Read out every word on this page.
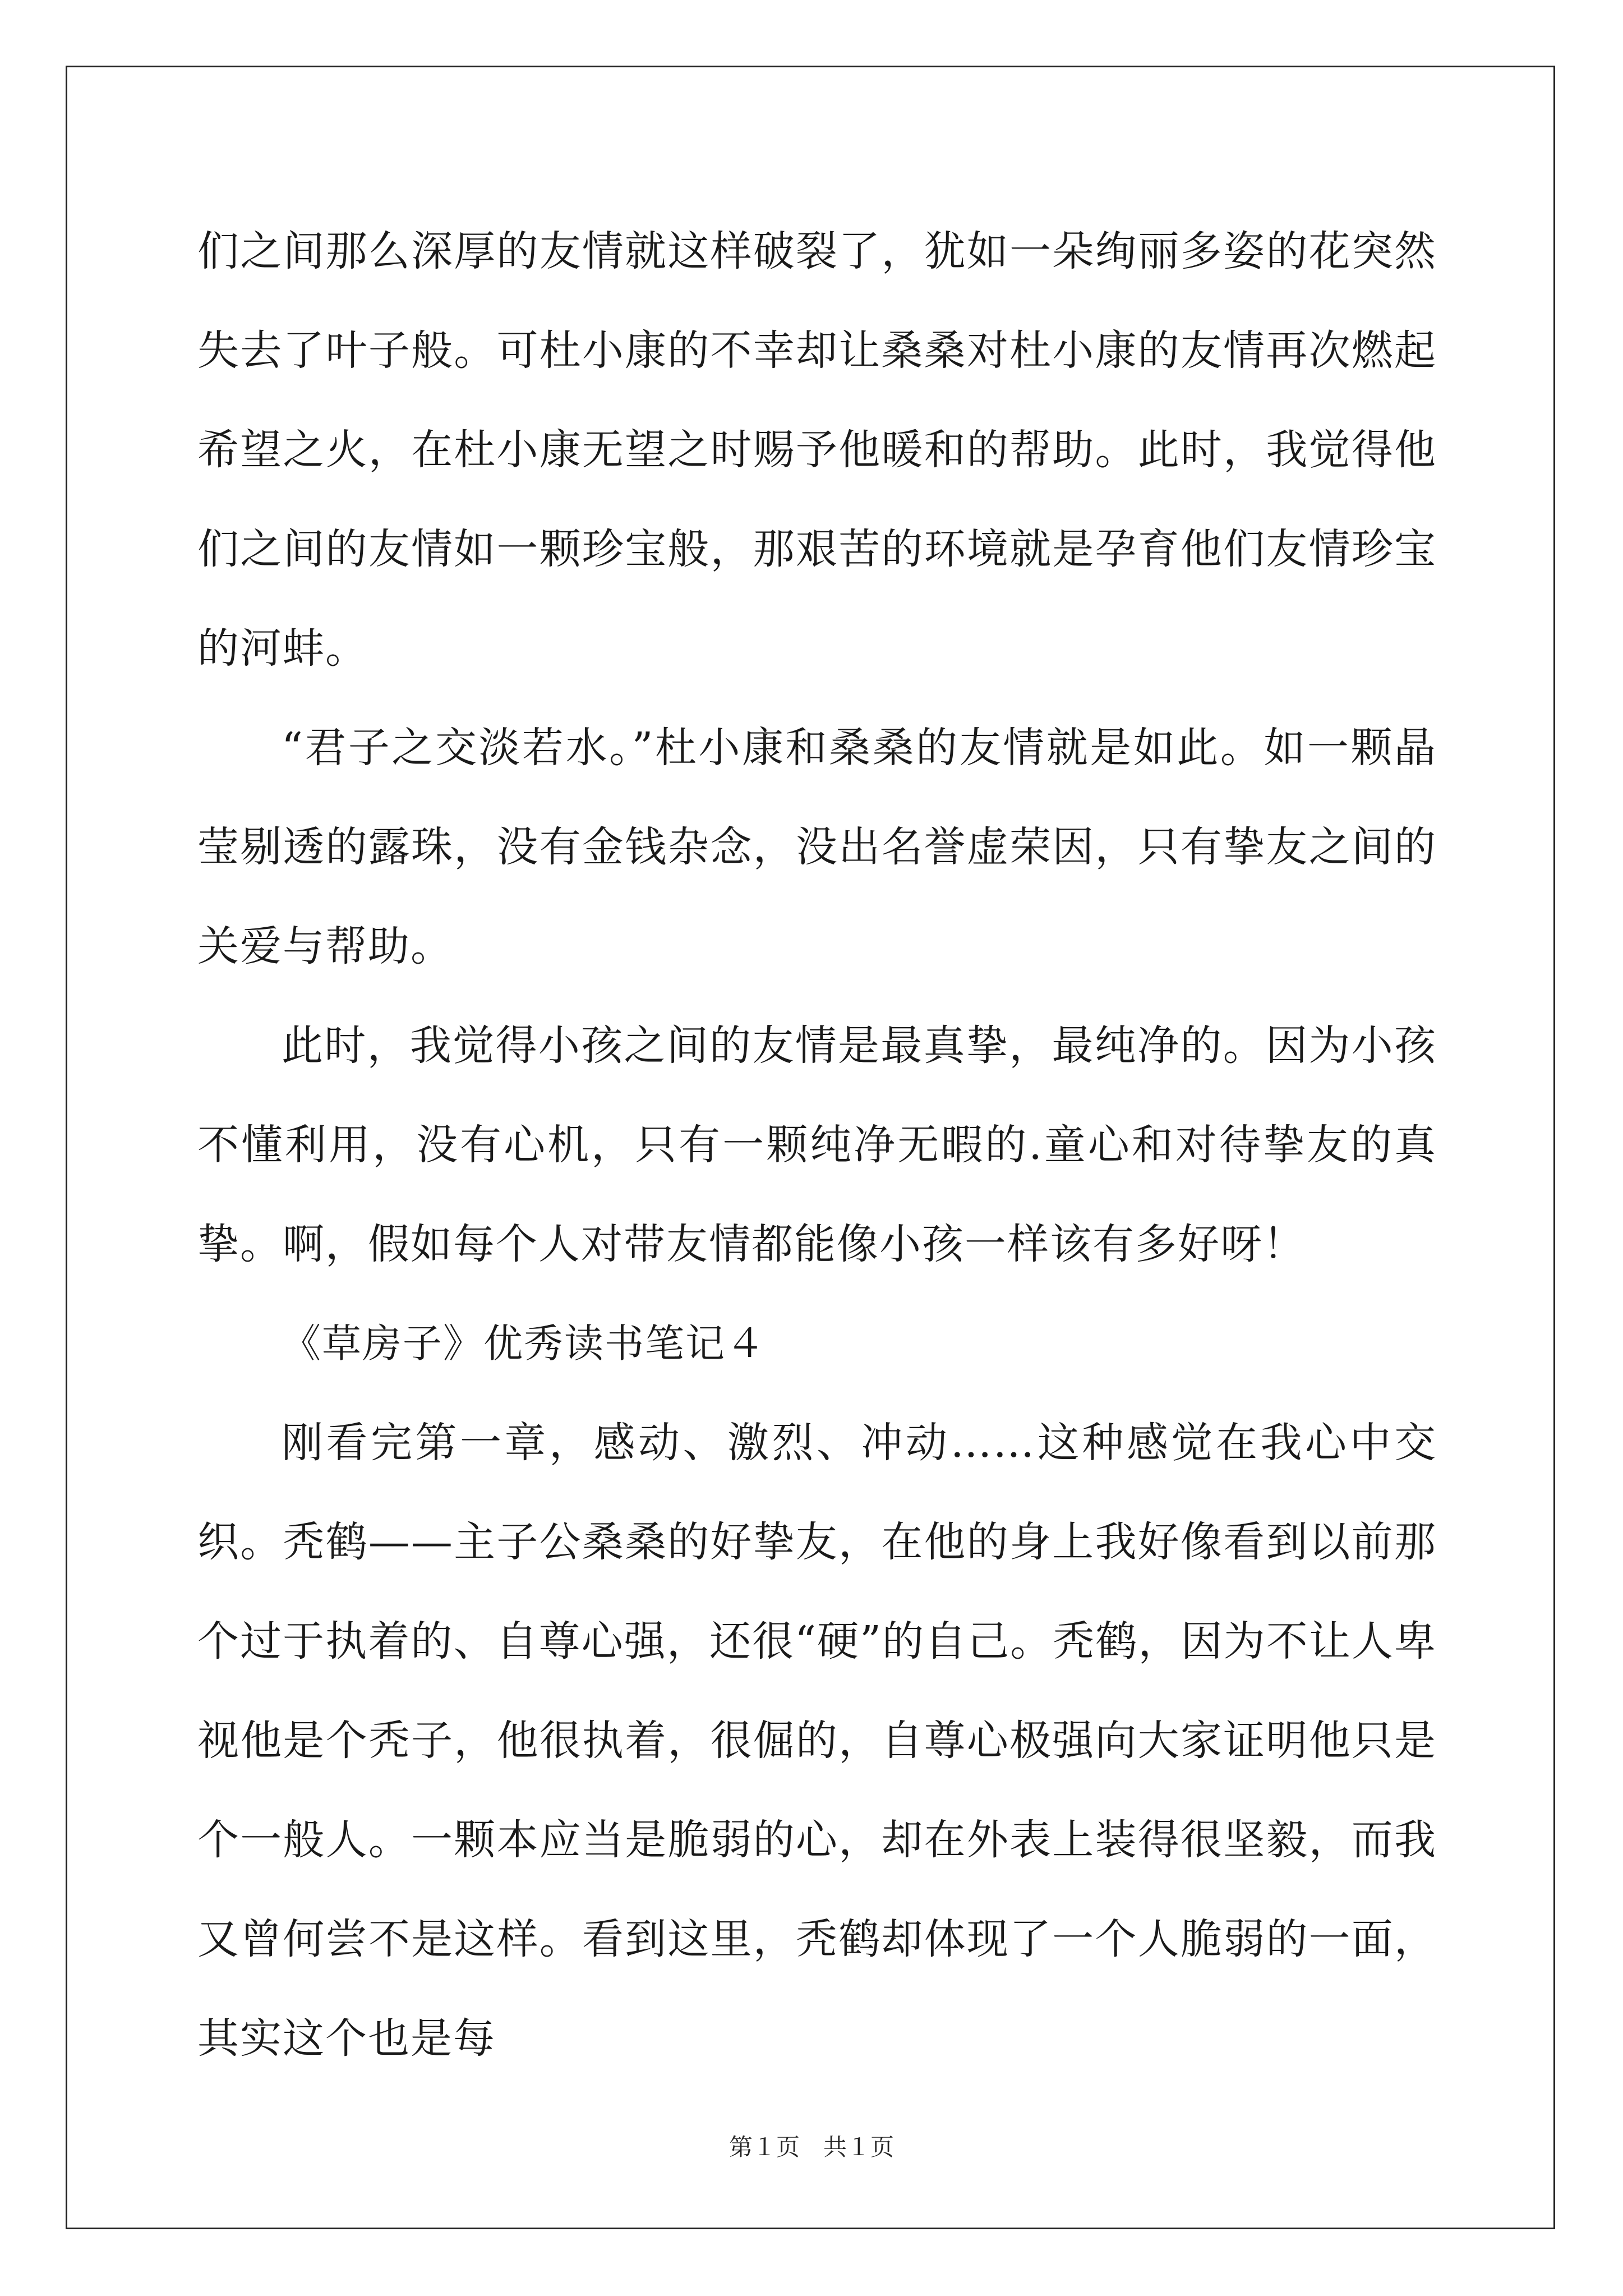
们之间那么深厚的友情就这样破裂了，犹如一朵绚丽多姿的花突然失去了叶子般。可杜小康的不幸却让桑桑对杜小康的友情再次燃起希望之火，在杜小康无望之时赐予他暖和的帮助。此时，我觉得他们之间的友情如一颗珍宝般，那艰苦的环境就是孕育他们友情珍宝的河蚌。

“君子之交淡若水。”杜小康和桑桑的友情就是如此。如一颗晶莹剔透的露珠，没有金钱杂念，没出名誉虚荣因，只有挚友之间的关爱与帮助。

此时，我觉得小孩之间的友情是最真挚，最纯净的。因为小孩不懂利用，没有心机，只有一颗纯净无暇的.童心和对待挚友的真挚。啊，假如每个人对带友情都能像小孩一样该有多好呀！

《草房子》优秀读书笔记４

刚看完第一章，感动、激烈、冲动……这种感觉在我心中交织。秃鹤——主子公桑桑的好挚友，在他的身上我好像看到以前那个过于执着的、自尊心强，还很“硬”的自己。秃鹤，因为不让人卑视他是个秃子，他很执着，很倔的，自尊心极强向大家证明他只是个一般人。一颗本应当是脆弱的心，却在外表上装得很坚毅，而我又曾何尝不是这样。看到这里，秃鹤却体现了一个人脆弱的一面，其实这个也是每

第１页　共１页
